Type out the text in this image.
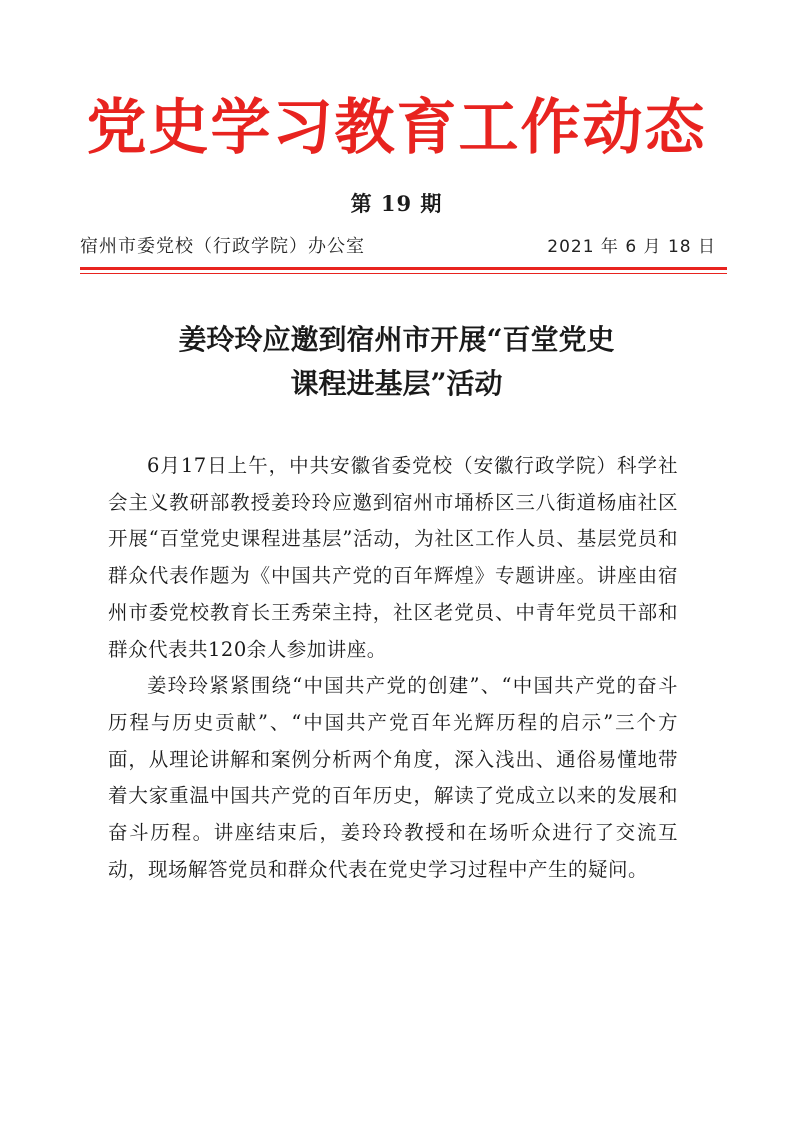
党史学习教育工作动态
第 19 期
宿州市委党校（行政学院）办公室	2021 年 6 月 18 日
姜玲玲应邀到宿州市开展“百堂党史
课程进基层”活动

6月17日上午，中共安徽省委党校（安徽行政学院）科学社会主义教研部教授姜玲玲应邀到宿州市埇桥区三八街道杨庙社区开展“百堂党史课程进基层”活动，为社区工作人员、基层党员和群众代表作题为《中国共产党的百年辉煌》专题讲座。讲座由宿州市委党校教育长王秀荣主持，社区老党员、中青年党员干部和群众代表共120余人参加讲座。

姜玲玲紧紧围绕“中国共产党的创建”、“中国共产党的奋斗历程与历史贡献”、“中国共产党百年光辉历程的启示”三个方面，从理论讲解和案例分析两个角度，深入浅出、通俗易懂地带着大家重温中国共产党的百年历史，解读了党成立以来的发展和奋斗历程。讲座结束后，姜玲玲教授和在场听众进行了交流互动，现场解答党员和群众代表在党史学习过程中产生的疑问。
